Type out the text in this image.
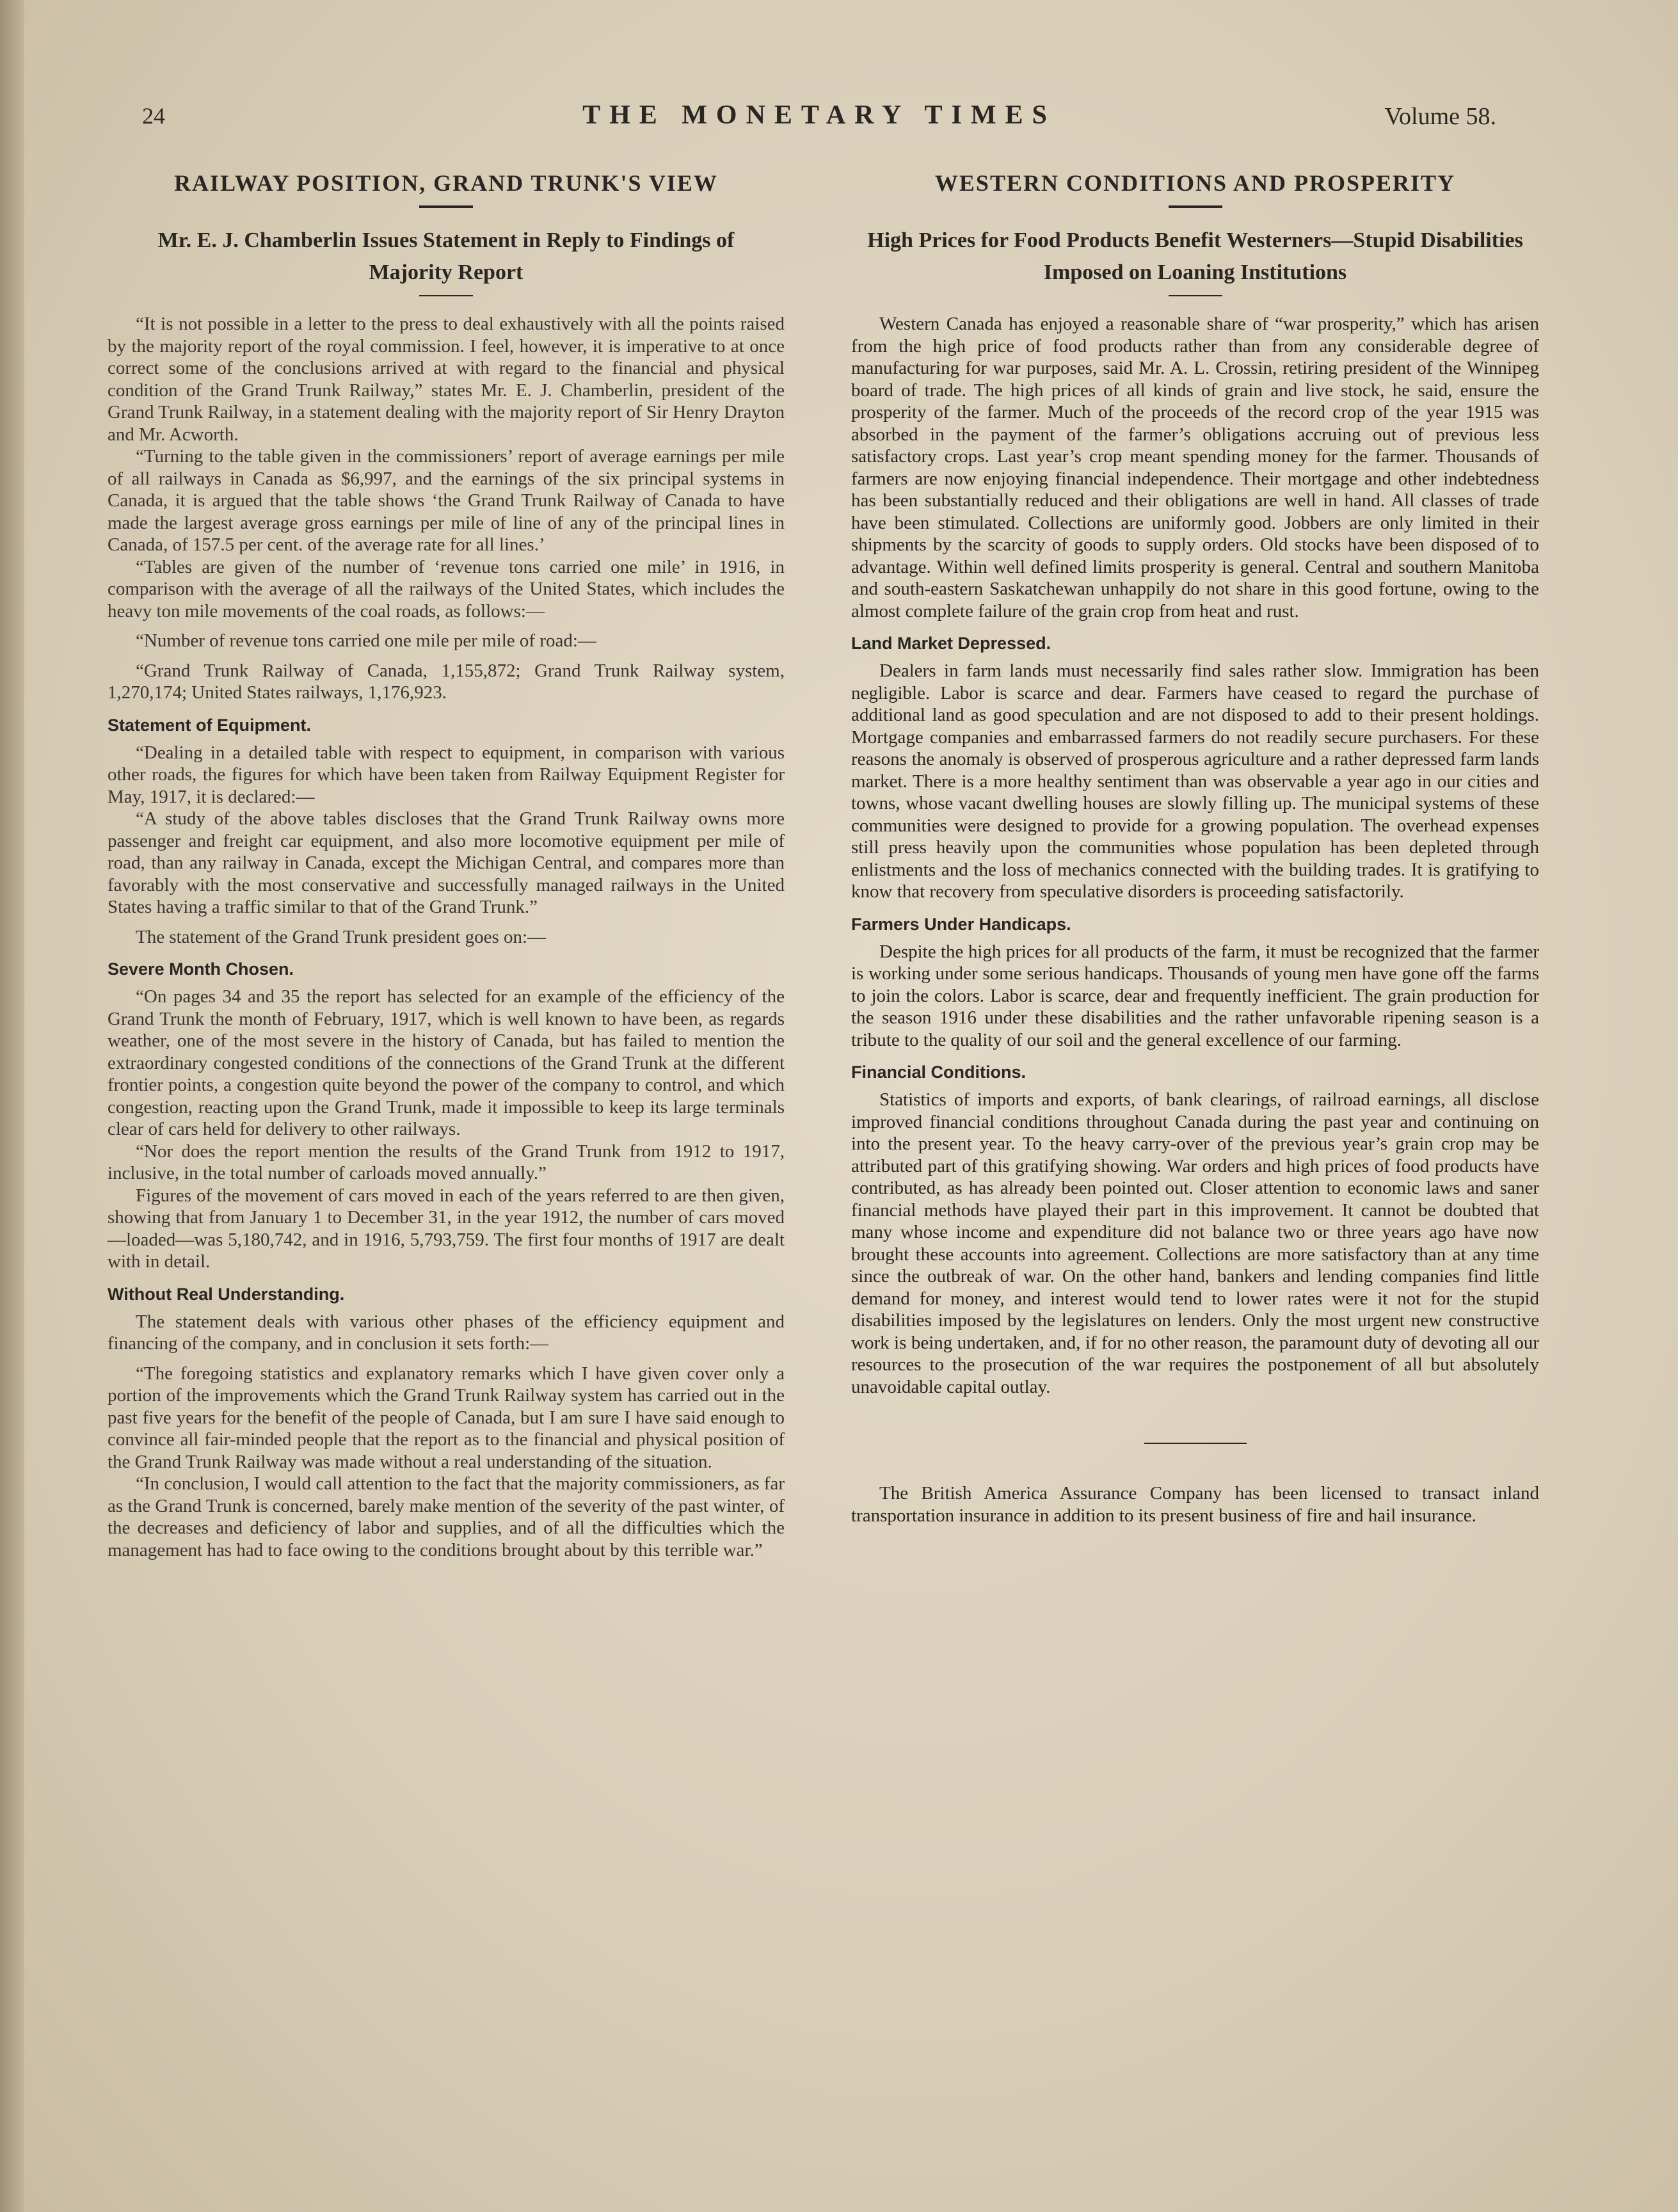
24	THE MONETARY TIMES	Volume 58.
RAILWAY POSITION, GRAND TRUNK'S VIEW
Mr. E. J. Chamberlin Issues Statement in Reply to Findings of Majority Report

“It is not possible in a letter to the press to deal exhaustively with all the points raised by the majority report of the royal commission. I feel, however, it is imperative to at once correct some of the conclusions arrived at with regard to the financial and physical condition of the Grand Trunk Railway,” states Mr. E. J. Chamberlin, president of the Grand Trunk Railway, in a statement dealing with the majority report of Sir Henry Drayton and Mr. Acworth.

“Turning to the table given in the commissioners’ report of average earnings per mile of all railways in Canada as $6,997, and the earnings of the six principal systems in Canada, it is argued that the table shows ‘the Grand Trunk Railway of Canada to have made the largest average gross earnings per mile of line of any of the principal lines in Canada, of 157.5 per cent. of the average rate for all lines.’

“Tables are given of the number of ‘revenue tons carried one mile’ in 1916, in comparison with the average of all the railways of the United States, which includes the heavy ton mile movements of the coal roads, as follows:—

“Number of revenue tons carried one mile per mile of road:—

“Grand Trunk Railway of Canada, 1,155,872; Grand Trunk Railway system, 1,270,174; United States railways, 1,176,923.

Statement of Equipment.

“Dealing in a detailed table with respect to equipment, in comparison with various other roads, the figures for which have been taken from Railway Equipment Register for May, 1917, it is declared:—

“A study of the above tables discloses that the Grand Trunk Railway owns more passenger and freight car equipment, and also more locomotive equipment per mile of road, than any railway in Canada, except the Michigan Central, and compares more than favorably with the most conservative and successfully managed railways in the United States having a traffic similar to that of the Grand Trunk.”

The statement of the Grand Trunk president goes on:—

Severe Month Chosen.

“On pages 34 and 35 the report has selected for an example of the efficiency of the Grand Trunk the month of February, 1917, which is well known to have been, as regards weather, one of the most severe in the history of Canada, but has failed to mention the extraordinary congested conditions of the connections of the Grand Trunk at the different frontier points, a congestion quite beyond the power of the company to control, and which congestion, reacting upon the Grand Trunk, made it impossible to keep its large terminals clear of cars held for delivery to other railways.

“Nor does the report mention the results of the Grand Trunk from 1912 to 1917, inclusive, in the total number of carloads moved annually.”

Figures of the movement of cars moved in each of the years referred to are then given, showing that from January 1 to December 31, in the year 1912, the number of cars moved—loaded—was 5,180,742, and in 1916, 5,793,759. The first four months of 1917 are dealt with in detail.

Without Real Understanding.

The statement deals with various other phases of the efficiency equipment and financing of the company, and in conclusion it sets forth:—

“The foregoing statistics and explanatory remarks which I have given cover only a portion of the improvements which the Grand Trunk Railway system has carried out in the past five years for the benefit of the people of Canada, but I am sure I have said enough to convince all fair-minded people that the report as to the financial and physical position of the Grand Trunk Railway was made without a real understanding of the situation.

“In conclusion, I would call attention to the fact that the majority commissioners, as far as the Grand Trunk is concerned, barely make mention of the severity of the past winter, of the decreases and deficiency of labor and supplies, and of all the difficulties which the management has had to face owing to the conditions brought about by this terrible war.”

WESTERN CONDITIONS AND PROSPERITY
High Prices for Food Products Benefit Westerners—Stupid Disabilities Imposed on Loaning Institutions

Western Canada has enjoyed a reasonable share of “war prosperity,” which has arisen from the high price of food products rather than from any considerable degree of manufacturing for war purposes, said Mr. A. L. Crossin, retiring president of the Winnipeg board of trade. The high prices of all kinds of grain and live stock, he said, ensure the prosperity of the farmer. Much of the proceeds of the record crop of the year 1915 was absorbed in the payment of the farmer’s obligations accruing out of previous less satisfactory crops. Last year’s crop meant spending money for the farmer. Thousands of farmers are now enjoying financial independence. Their mortgage and other indebtedness has been substantially reduced and their obligations are well in hand. All classes of trade have been stimulated. Collections are uniformly good. Jobbers are only limited in their shipments by the scarcity of goods to supply orders. Old stocks have been disposed of to advantage. Within well defined limits prosperity is general. Central and southern Manitoba and south-eastern Saskatchewan unhappily do not share in this good fortune, owing to the almost complete failure of the grain crop from heat and rust.

Land Market Depressed.

Dealers in farm lands must necessarily find sales rather slow. Immigration has been negligible. Labor is scarce and dear. Farmers have ceased to regard the purchase of additional land as good speculation and are not disposed to add to their present holdings. Mortgage companies and embarrassed farmers do not readily secure purchasers. For these reasons the anomaly is observed of prosperous agriculture and a rather depressed farm lands market. There is a more healthy sentiment than was observable a year ago in our cities and towns, whose vacant dwelling houses are slowly filling up. The municipal systems of these communities were designed to provide for a growing population. The overhead expenses still press heavily upon the communities whose population has been depleted through enlistments and the loss of mechanics connected with the building trades. It is gratifying to know that recovery from speculative disorders is proceeding satisfactorily.

Farmers Under Handicaps.

Despite the high prices for all products of the farm, it must be recognized that the farmer is working under some serious handicaps. Thousands of young men have gone off the farms to join the colors. Labor is scarce, dear and frequently inefficient. The grain production for the season 1916 under these disabilities and the rather unfavorable ripening season is a tribute to the quality of our soil and the general excellence of our farming.

Financial Conditions.

Statistics of imports and exports, of bank clearings, of railroad earnings, all disclose improved financial conditions throughout Canada during the past year and continuing on into the present year. To the heavy carry-over of the previous year’s grain crop may be attributed part of this gratifying showing. War orders and high prices of food products have contributed, as has already been pointed out. Closer attention to economic laws and saner financial methods have played their part in this improvement. It cannot be doubted that many whose income and expenditure did not balance two or three years ago have now brought these accounts into agreement. Collections are more satisfactory than at any time since the outbreak of war. On the other hand, bankers and lending companies find little demand for money, and interest would tend to lower rates were it not for the stupid disabilities imposed by the legislatures on lenders. Only the most urgent new constructive work is being undertaken, and, if for no other reason, the paramount duty of devoting all our resources to the prosecution of the war requires the postponement of all but absolutely unavoidable capital outlay.

The British America Assurance Company has been licensed to transact inland transportation insurance in addition to its present business of fire and hail insurance.
